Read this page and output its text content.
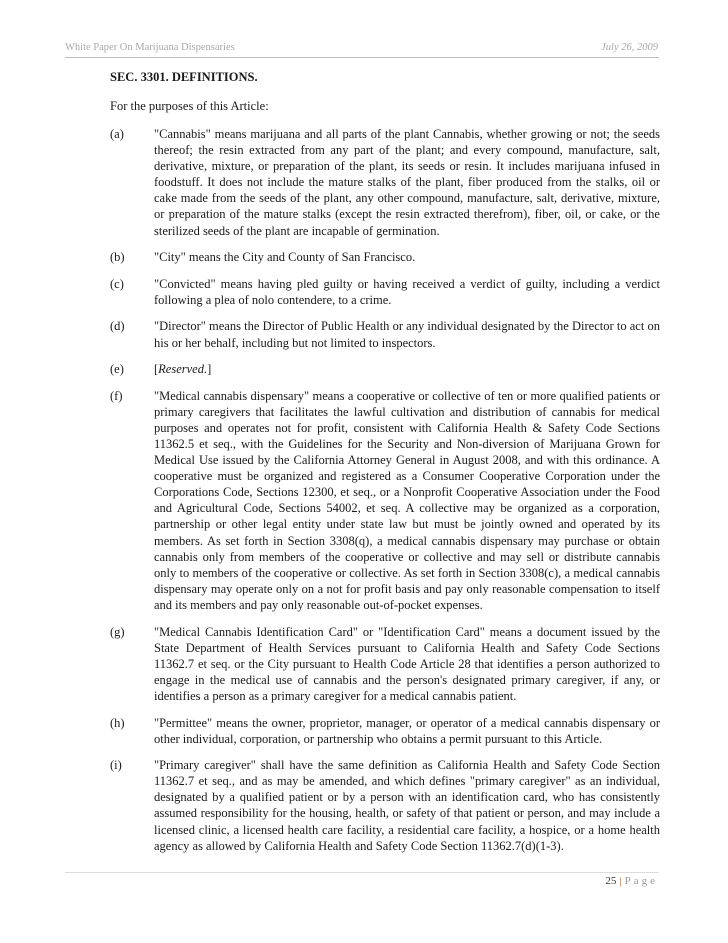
White Paper On Marijuana Dispensaries	July 26, 2009

SEC. 3301. DEFINITIONS.

For the purposes of this Article:

(a) "Cannabis" means marijuana and all parts of the plant Cannabis, whether growing or not; the seeds thereof; the resin extracted from any part of the plant; and every compound, manufacture, salt, derivative, mixture, or preparation of the plant, its seeds or resin. It includes marijuana infused in foodstuff. It does not include the mature stalks of the plant, fiber produced from the stalks, oil or cake made from the seeds of the plant, any other compound, manufacture, salt, derivative, mixture, or preparation of the mature stalks (except the resin extracted therefrom), fiber, oil, or cake, or the sterilized seeds of the plant are incapable of germination.
(b) "City" means the City and County of San Francisco.
(c) "Convicted" means having pled guilty or having received a verdict of guilty, including a verdict following a plea of nolo contendere, to a crime.
(d) "Director" means the Director of Public Health or any individual designated by the Director to act on his or her behalf, including but not limited to inspectors.
(e) [Reserved.]
(f)	"Medical cannabis dispensary" means a cooperative or collective of ten or more qualified patients or primary caregivers that facilitates the lawful cultivation and distribution of cannabis for medical purposes and operates not for profit, consistent with California Health & Safety Code Sections 11362.5 et seq., with the Guidelines for the Security and Non-diversion of Marijuana Grown for Medical Use issued by the California Attorney General in August 2008, and with this ordinance. A cooperative must be organized and registered as a Consumer Cooperative Corporation under the Corporations Code, Sections 12300, et seq., or a Nonprofit Cooperative Association under the Food and Agricultural Code, Sections 54002, et seq. A collective may be organized as a corporation, partnership or other legal entity under state law but must be jointly owned and operated by its members. As set forth in Section 3308(q), a medical cannabis dispensary may purchase or obtain cannabis only from members of the cooperative or collective and may sell or distribute cannabis only to members of the cooperative or collective. As set forth in Section 3308(c), a medical cannabis dispensary may operate only on a not for profit basis and pay only reasonable compensation to itself and its members and pay only reasonable out-of-pocket expenses.
(g) "Medical Cannabis Identification Card" or "Identification Card" means a document issued by the State Department of Health Services pursuant to California Health and Safety Code Sections 11362.7 et seq. or the City pursuant to Health Code Article 28 that identifies a person authorized to engage in the medical use of cannabis and the person's designated primary caregiver, if any, or identifies a person as a primary caregiver for a medical cannabis patient.
(h) "Permittee" means the owner, proprietor, manager, or operator of a medical cannabis dispensary or other individual, corporation, or partnership who obtains a permit pursuant to this Article.
(i)	"Primary caregiver" shall have the same definition as California Health and Safety Code Section 11362.7 et seq., and as may be amended, and which defines "primary caregiver" as an individual, designated by a qualified patient or by a person with an identification card, who has consistently assumed responsibility for the housing, health, or safety of that patient or person, and may include a licensed clinic, a licensed health care facility, a residential care facility, a hospice, or a home health agency as allowed by California Health and Safety Code Section 11362.7(d)(1-3).
25 | Page
